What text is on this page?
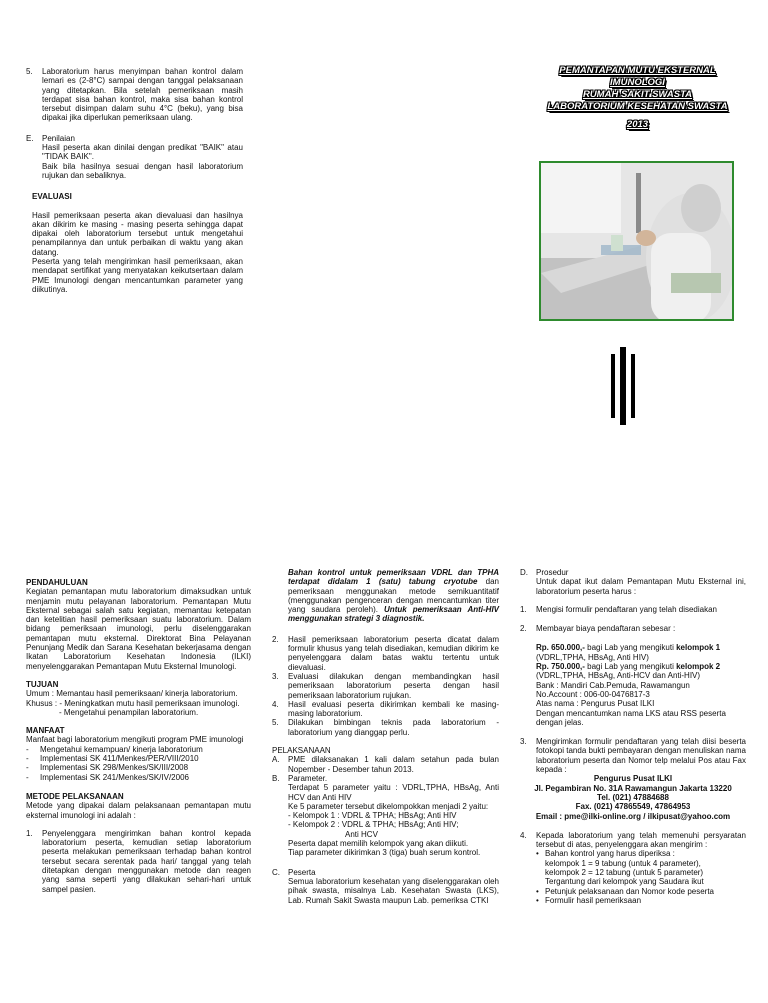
5.	Laboratorium harus menyimpan bahan kontrol dalam lemari es (2-8°C) sampai dengan tanggal pelaksanaan yang ditetapkan. Bila setelah pemeriksaan masih terdapat sisa bahan kontrol, maka sisa bahan kontrol tersebut disimpan dalam suhu 4°C (beku), yang bisa dipakai jika diperlukan pemeriksaan ulang.
E.	Penilaian

Hasil peserta akan dinilai dengan predikat "BAIK" atau "TIDAK BAIK".

Baik bila hasilnya sesuai dengan hasil laboratorium rujukan dan sebaliknya.

EVALUASI

Hasil pemeriksaan peserta akan dievaluasi dan hasilnya akan dikirim ke masing - masing peserta sehingga dapat dipakai oleh laboratorium tersebut untuk mengetahui penampilannya dan untuk perbaikan di waktu yang akan datang.

Peserta yang telah mengirimkan hasil pemeriksaan, akan mendapat sertifikat yang menyatakan keikutsertaan dalam PME Imunologi dengan mencantumkan parameter yang diikutinya.

PEMANTAPAN MUTU EKSTERNAL

IMUNOLOGI

RUMAH SAKIT SWASTA

LABORATORIUM KESEHATAN SWASTA

2013

PENDAHULUAN

Kegiatan pemantapan mutu laboratorium dimaksudkan untuk menjamin mutu pelayanan laboratorium. Pemantapan Mutu Eksternal sebagai salah satu kegiatan, memantau ketepatan dan ketelitian hasil pemeriksaan suatu laboratorium. Dalam bidang pemeriksaan imunologi, perlu diselenggarakan pemantapan mutu eksternal. Direktorat Bina Pelayanan Penunjang Medik dan Sarana Kesehatan bekerjasama dengan Ikatan Laboratorium Kesehatan Indonesia (ILKI) menyelenggarakan Pemantapan Mutu Eksternal Imunologi.

TUJUAN

Umum : Memantau hasil pemeriksaan/ kinerja laboratorium.

Khusus : - Meningkatkan mutu hasil pemeriksaan imunologi.

- Mengetahui penampilan laboratorium.

MANFAAT

Manfaat bagi laboratorium mengikuti program PME imunologi

-	Mengetahui kemampuan/ kinerja laboratorium
-	Implementasi SK 411/Menkes/PER/VIII/2010
-	Implementasi SK 298/Menkes/SK/III/2008
-	Implementasi SK 241/Menkes/SK/IV/2006

METODE PELAKSANAAN

Metode yang dipakai dalam pelaksanaan pemantapan mutu eksternal imunologi ini adalah :

1.	Penyelenggara mengirimkan bahan kontrol kepada laboratorium peserta, kemudian setiap laboratorium peserta melakukan pemeriksaan terhadap bahan kontrol tersebut secara serentak pada hari/ tanggal yang telah ditetapkan dengan menggunakan metode dan reagen yang sama seperti yang dilakukan sehari-hari untuk sampel pasien.

Bahan kontrol untuk pemeriksaan VDRL dan TPHA terdapat didalam 1 (satu) tabung cryotube dan pemeriksaan menggunakan metode semikuantitatif (menggunakan pengenceran dengan mencantumkan titer yang saudara peroleh). Untuk pemeriksaan Anti-HIV menggunakan strategi 3 diagnostik.

2.	Hasil pemeriksaan laboratorium peserta dicatat dalam formulir khusus yang telah disediakan, kemudian dikirim ke penyelenggara dalam batas waktu tertentu untuk dievaluasi.
3.	Evaluasi dilakukan dengan membandingkan hasil pemeriksaan laboratorium peserta dengan hasil pemeriksaan laboratorium rujukan.
4.	Hasil evaluasi peserta dikirimkan kembali ke masing-masing laboratorium.
5.	Dilakukan bimbingan teknis pada laboratorium - laboratorium yang dianggap perlu.

PELAKSANAAN

A.	PME dilaksanakan 1 kali dalam setahun pada bulan Nopember - Desember tahun 2013.
B.	Parameter.

Terdapat 5 parameter yaitu : VDRL,TPHA, HBsAg, Anti HCV dan Anti HIV

Ke 5 parameter tersebut dikelompokkan menjadi 2 yaitu:

- Kelompok 1 : VDRL & TPHA; HBsAg; Anti HIV

- Kelompok 2 : VDRL & TPHA; HBsAg; Anti HIV;

Anti HCV

Peserta dapat memilih kelompok yang akan diikuti.

Tiap parameter dikirimkan 3 (tiga) buah serum kontrol.

C.	Peserta

Semua laboratorium kesehatan yang diselenggarakan oleh pihak swasta, misalnya Lab. Kesehatan Swasta (LKS), Lab. Rumah Sakit Swasta maupun Lab. pemeriksa CTKI

D.	Prosedur

Untuk dapat ikut dalam Pemantapan Mutu Eksternal ini, laboratorium peserta harus :

1.	Mengisi formulir pendaftaran yang telah disediakan
2.	Membayar biaya pendaftaran sebesar :

Rp. 650.000,- bagi Lab yang mengikuti kelompok 1

(VDRL,TPHA, HBsAg, Anti HIV)

Rp. 750.000,- bagi Lab yang mengikuti kelompok 2

(VDRL,TPHA, HBsAg, Anti-HCV dan Anti-HIV)

Bank : Mandiri Cab.Pemuda, Rawamangun

No.Account : 006-00-0476817-3

Atas nama : Pengurus Pusat ILKI

Dengan mencantumkan nama LKS atau RSS peserta dengan jelas.

3.	Mengirimkan formulir pendaftaran yang telah diisi beserta fotokopi tanda bukti pembayaran dengan menuliskan nama laboratorium peserta dan Nomor telp melalui Pos atau Fax kepada :

Pengurus Pusat ILKI

Jl. Pegambiran No. 31A Rawamangun Jakarta 13220

Tel. (021) 47884688

Fax. (021) 47865549, 47864953

Email : pme@ilki-online.org / ilkipusat@yahoo.com

4.	Kepada laboratorium yang telah memenuhi persyaratan tersebut di atas, penyelenggara akan mengirim :

• Bahan kontrol yang harus diperiksa :

kelompok 1 = 9 tabung (untuk 4 parameter),

kelompok 2 = 12 tabung (untuk 5 parameter)

Tergantung dari kelompok yang Saudara ikut

• Petunjuk pelaksanaan dan Nomor kode peserta
• Formulir hasil pemeriksaan
